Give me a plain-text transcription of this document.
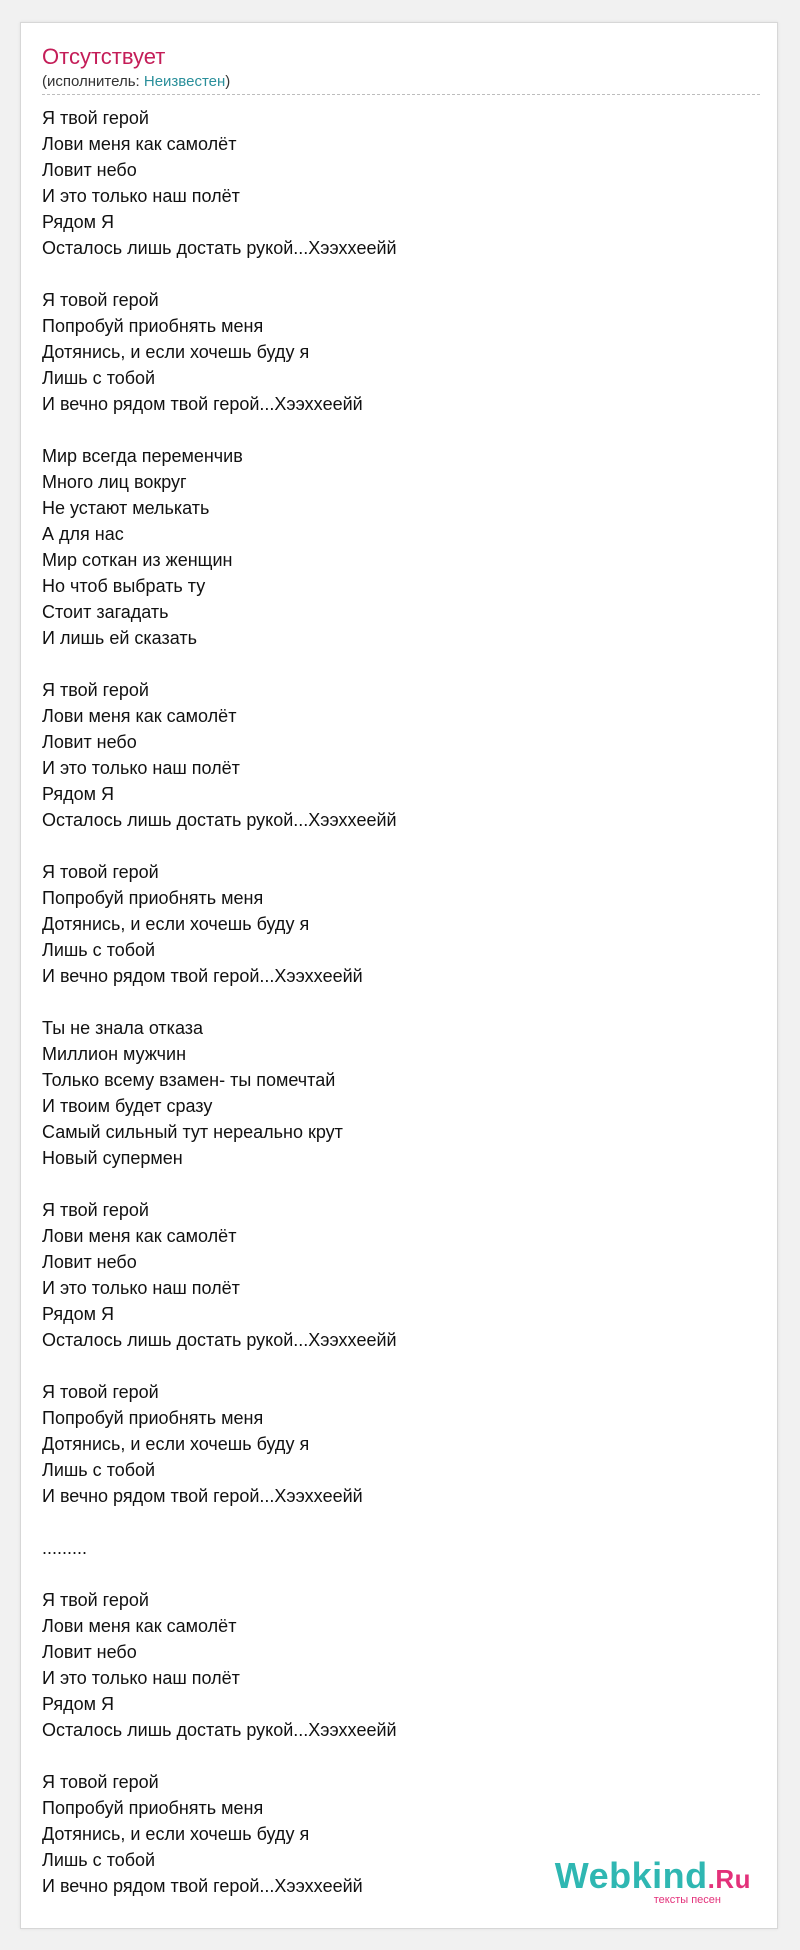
Отсутствует
(исполнитель: Неизвестен)
Я твой герой
Лови меня как самолёт
Ловит небо
И это только наш полёт
Рядом Я
Осталось лишь достать рукой...Хээхxеейй
Я товой герой
Попробуй приобнять меня
Дотянись, и если хочешь буду я
Лишь с тобой
И вечно рядом твой герой...Хээхxеейй
Мир всегда переменчив
Много лиц вокруг
Не устают мелькать
А для нас
Мир соткан из женщин
Но чтоб выбрать ту
Стоит загадать
И лишь ей сказать
Я твой герой
Лови меня как самолёт
Ловит небо
И это только наш полёт
Рядом Я
Осталось лишь достать рукой...Хээхxеейй
Я товой герой
Попробуй приобнять меня
Дотянись, и если хочешь буду я
Лишь с тобой
И вечно рядом твой герой...Хээхxеейй
Ты не знала отказа
Миллион мужчин
Только всему взамен- ты помечтай
И твоим будет сразу
Самый сильный тут нереально крут
Новый супермен
Я твой герой
Лови меня как самолёт
Ловит небо
И это только наш полёт
Рядом Я
Осталось лишь достать рукой...Хээхxеейй
Я товой герой
Попробуй приобнять меня
Дотянись, и если хочешь буду я
Лишь с тобой
И вечно рядом твой герой...Хээхxеейй
.........
Я твой герой
Лови меня как самолёт
Ловит небо
И это только наш полёт
Рядом Я
Осталось лишь достать рукой...Хээхxеейй
Я товой герой
Попробуй приобнять меня
Дотянись, и если хочешь буду я
Лишь с тобой
И вечно рядом твой герой...Хээхxеейй	Webkind.Ru
тексты песен
